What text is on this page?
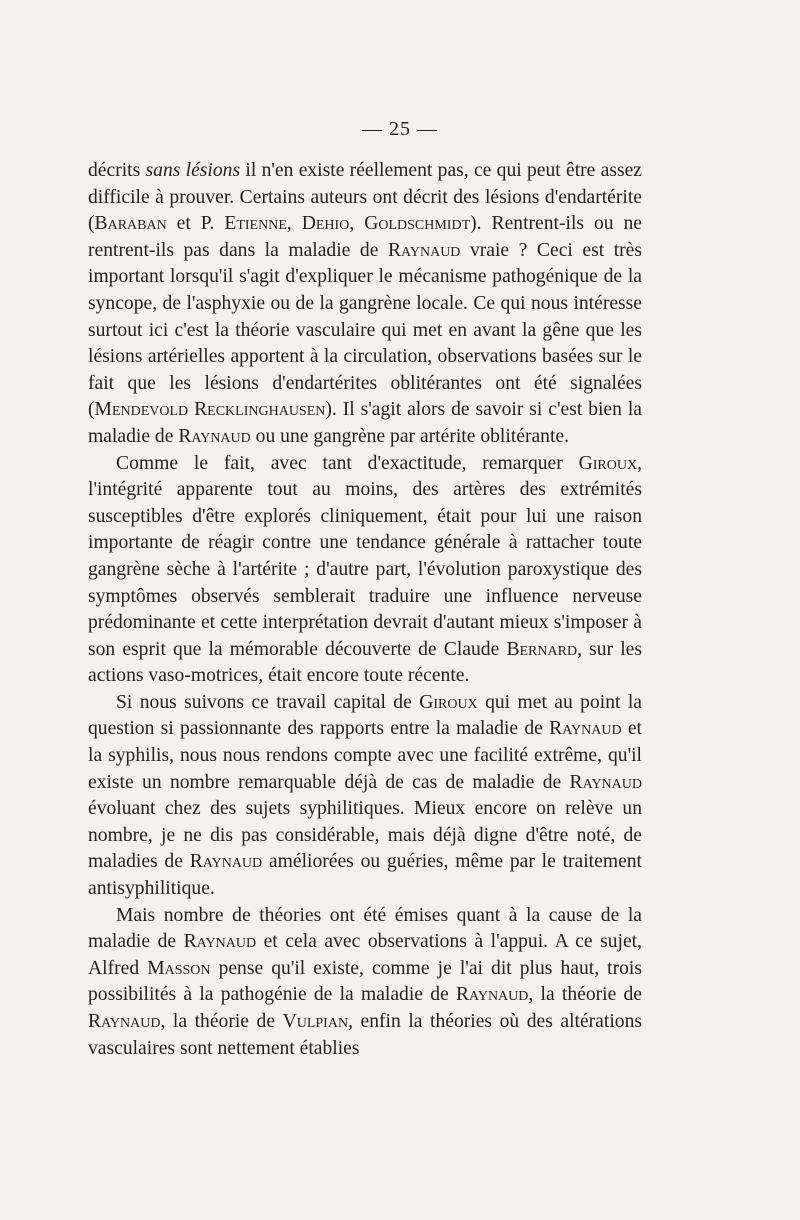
— 25 —

décrits sans lésions il n'en existe réellement pas, ce qui peut être assez difficile à prouver. Certains auteurs ont décrit des lésions d'endartérite (Baraban et P. Etienne, Dehio, Goldschmidt). Rentrent-ils ou ne rentrent-ils pas dans la maladie de Raynaud vraie ? Ceci est très important lorsqu'il s'agit d'expliquer le mécanisme pathogénique de la syncope, de l'asphyxie ou de la gangrène locale. Ce qui nous intéresse surtout ici c'est la théorie vasculaire qui met en avant la gêne que les lésions artérielles apportent à la circulation, observations basées sur le fait que les lésions d'endartérites oblitérantes ont été signalées (Mendevold Recklinghausen). Il s'agit alors de savoir si c'est bien la maladie de Raynaud ou une gangrène par artérite oblitérante.

Comme le fait, avec tant d'exactitude, remarquer Giroux, l'intégrité apparente tout au moins, des artères des extrémités susceptibles d'être explorés cliniquement, était pour lui une raison importante de réagir contre une tendance générale à rattacher toute gangrène sèche à l'artérite ; d'autre part, l'évolution paroxystique des symptômes observés semblerait traduire une influence nerveuse prédominante et cette interprétation devrait d'autant mieux s'imposer à son esprit que la mémorable découverte de Claude Bernard, sur les actions vaso-motrices, était encore toute récente.

Si nous suivons ce travail capital de Giroux qui met au point la question si passionnante des rapports entre la maladie de Raynaud et la syphilis, nous nous rendons compte avec une facilité extrême, qu'il existe un nombre remarquable déjà de cas de maladie de Raynaud évoluant chez des sujets syphilitiques. Mieux encore on relève un nombre, je ne dis pas considérable, mais déjà digne d'être noté, de maladies de Raynaud améliorées ou guéries, même par le traitement antisyphilitique.

Mais nombre de théories ont été émises quant à la cause de la maladie de Raynaud et cela avec observations à l'appui. A ce sujet, Alfred Masson pense qu'il existe, comme je l'ai dit plus haut, trois possibilités à la pathogénie de la maladie de Raynaud, la théorie de Raynaud, la théorie de Vulpian, enfin la théories où des altérations vasculaires sont nettement établies
